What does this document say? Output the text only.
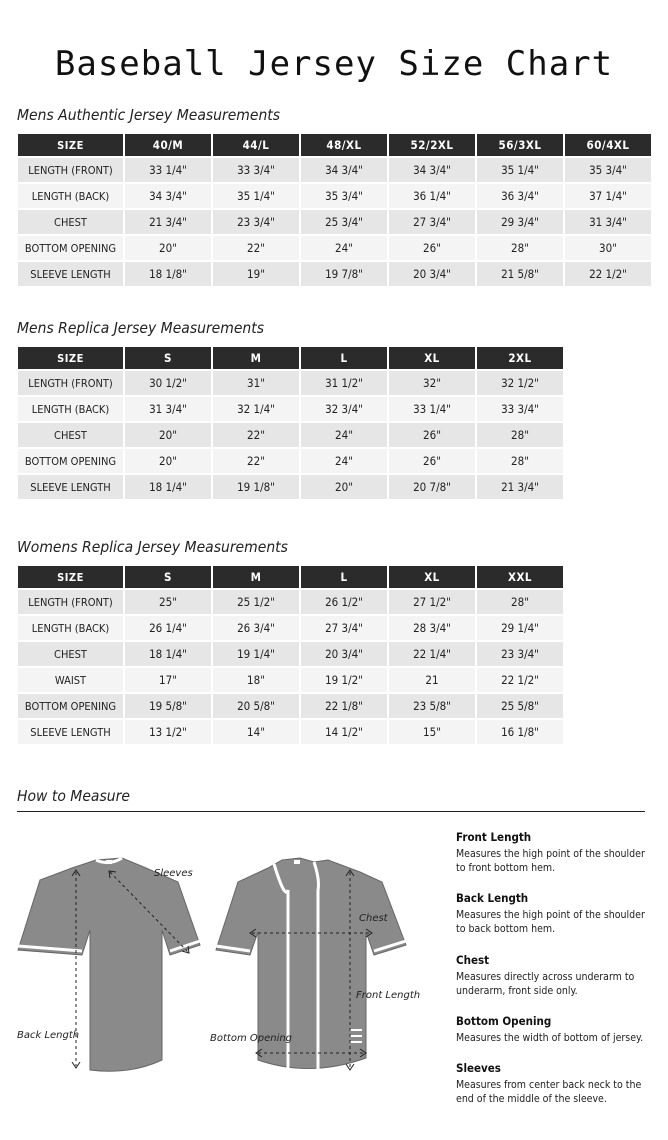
Baseball Jersey Size Chart
Mens Authentic Jersey Measurements
SIZE	40/M	44/L	48/XL	52/2XL	56/3XL	60/4XL
LENGTH (FRONT)	33 1/4"	33 3/4"	34 3/4"	34 3/4"	35 1/4"	35 3/4"
LENGTH (BACK)	34 3/4"	35 1/4"	35 3/4"	36 1/4"	36 3/4"	37 1/4"
CHEST	21 3/4"	23 3/4"	25 3/4"	27 3/4"	29 3/4"	31 3/4"
BOTTOM OPENING	20"	22"	24"	26"	28"	30"
SLEEVE LENGTH	18 1/8"	19"	19 7/8"	20 3/4"	21 5/8"	22 1/2"
Mens Replica Jersey Measurements
SIZE	S	M	L	XL	2XL
LENGTH (FRONT)	30 1/2"	31"	31 1/2"	32"	32 1/2"
LENGTH (BACK)	31 3/4"	32 1/4"	32 3/4"	33 1/4"	33 3/4"
CHEST	20"	22"	24"	26"	28"
BOTTOM OPENING	20"	22"	24"	26"	28"
SLEEVE LENGTH	18 1/4"	19 1/8"	20"	20 7/8"	21 3/4"
Womens Replica Jersey Measurements
SIZE	S	M	L	XL	XXL
LENGTH (FRONT)	25"	25 1/2"	26 1/2"	27 1/2"	28"
LENGTH (BACK)	26 1/4"	26 3/4"	27 3/4"	28 3/4"	29 1/4"
CHEST	18 1/4"	19 1/4"	20 3/4"	22 1/4"	23 3/4"
WAIST	17"	18"	19 1/2"	21	22 1/2"
BOTTOM OPENING	19 5/8"	20 5/8"	22 1/8"	23 5/8"	25 5/8"
SLEEVE LENGTH	13 1/2"	14"	14 1/2"	15"	16 1/8"
How to Measure
Sleeves
Back Length
Chest
Front Length
Bottom Opening
Front Length
Measures the high point of the shoulder to front bottom hem.
Back Length
Measures the high point of the shoulder to back bottom hem.
Chest
Measures directly across underarm to underarm, front side only.
Bottom Opening
Measures the width of bottom of jersey.
Sleeves
Measures from center back neck to the end of the middle of the sleeve.
